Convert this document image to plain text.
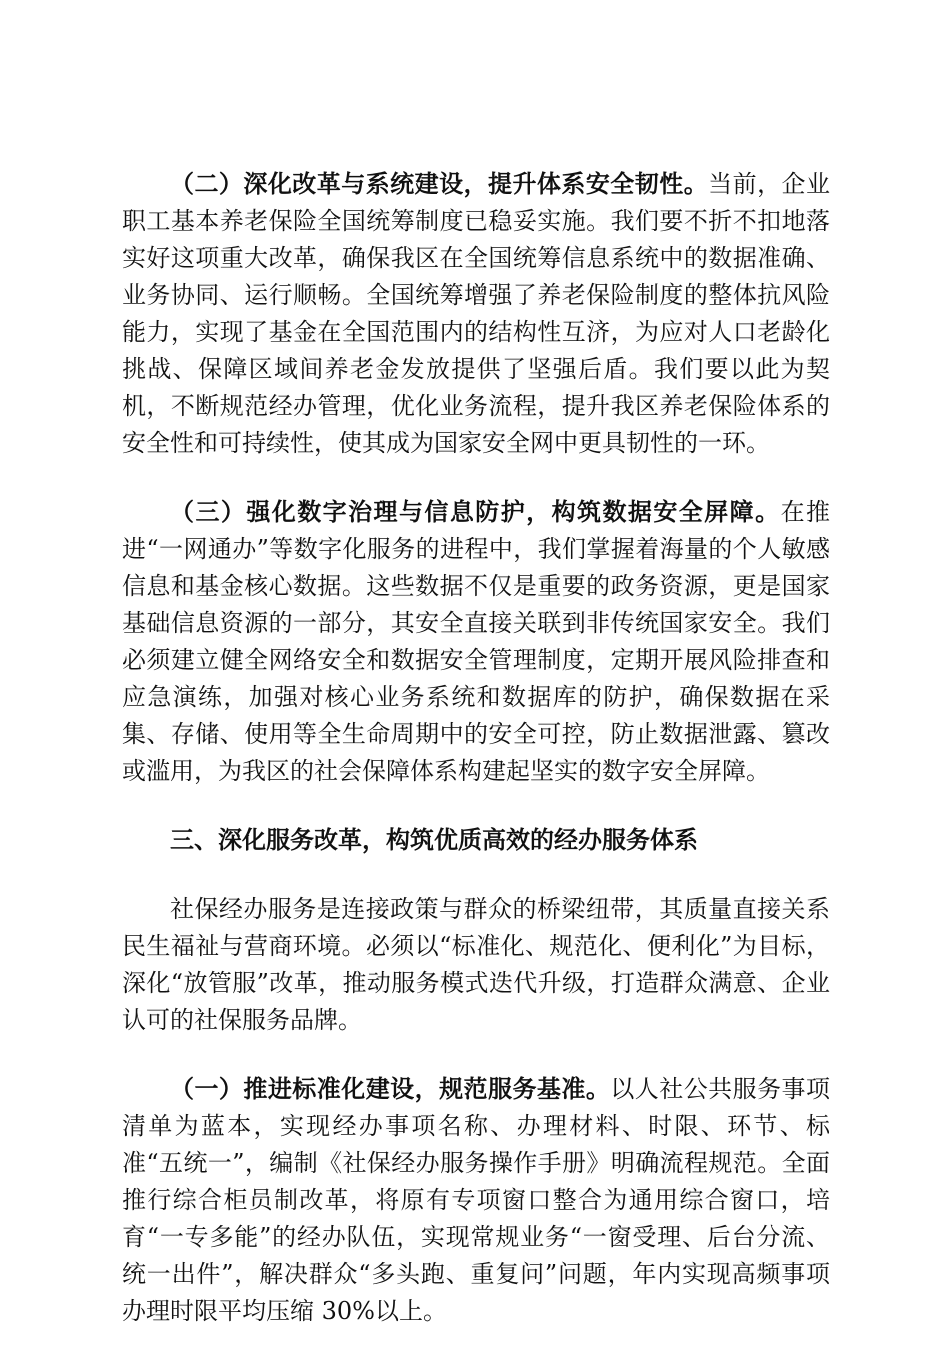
（二）深化改革与系统建设，提升体系安全韧性。当前，企业职工基本养老保险全国统筹制度已稳妥实施。我们要不折不扣地落实好这项重大改革，确保我区在全国统筹信息系统中的数据准确、业务协同、运行顺畅。全国统筹增强了养老保险制度的整体抗风险能力，实现了基金在全国范围内的结构性互济，为应对人口老龄化挑战、保障区域间养老金发放提供了坚强后盾。我们要以此为契机，不断规范经办管理，优化业务流程，提升我区养老保险体系的安全性和可持续性，使其成为国家安全网中更具韧性的一环。

（三）强化数字治理与信息防护，构筑数据安全屏障。在推进“一网通办”等数字化服务的进程中，我们掌握着海量的个人敏感信息和基金核心数据。这些数据不仅是重要的政务资源，更是国家基础信息资源的一部分，其安全直接关联到非传统国家安全。我们必须建立健全网络安全和数据安全管理制度，定期开展风险排查和应急演练，加强对核心业务系统和数据库的防护，确保数据在采集、存储、使用等全生命周期中的安全可控，防止数据泄露、篡改或滥用，为我区的社会保障体系构建起坚实的数字安全屏障。

三、深化服务改革，构筑优质高效的经办服务体系

社保经办服务是连接政策与群众的桥梁纽带，其质量直接关系民生福祉与营商环境。必须以“标准化、规范化、便利化”为目标，深化“放管服”改革，推动服务模式迭代升级，打造群众满意、企业认可的社保服务品牌。

（一）推进标准化建设，规范服务基准。以人社公共服务事项清单为蓝本，实现经办事项名称、办理材料、时限、环节、标准“五统一”，编制《社保经办服务操作手册》明确流程规范。全面推行综合柜员制改革，将原有专项窗口整合为通用综合窗口，培育“一专多能”的经办队伍，实现常规业务“一窗受理、后台分流、统一出件”，解决群众“多头跑、重复问”问题，年内实现高频事项办理时限平均压缩 30%以上。
